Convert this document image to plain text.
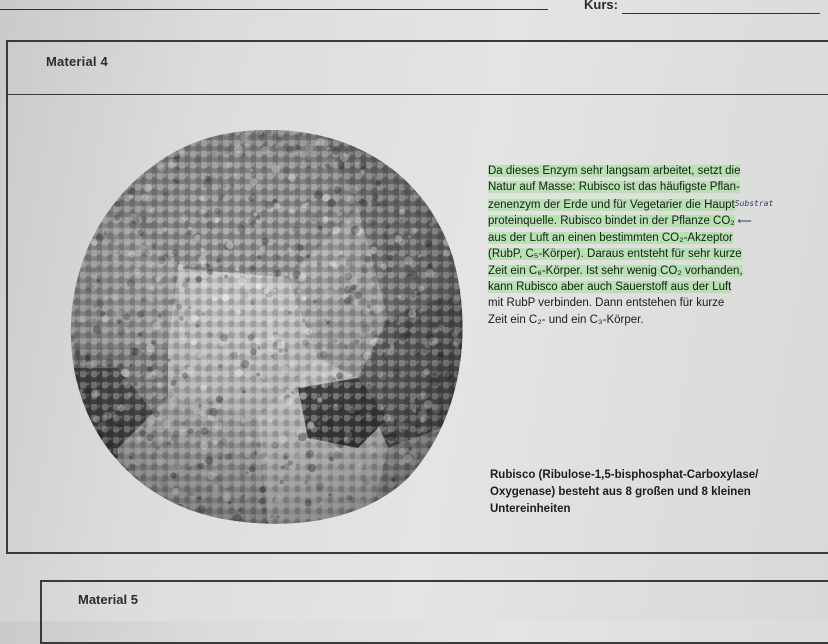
Kurs:
Material 4

Da dieses Enzym sehr langsam arbeitet, setzt die

Natur auf Masse: Rubisco ist das häufigste Pflan-

zenenzym der Erde und für Vegetarier die HauptSubstrat

proteinquelle. Rubisco bindet in der Pflanze CO₂ ⟵

aus der Luft an einen bestimmten CO₂-Akzeptor

(RubP, C₅-Körper). Daraus entsteht für sehr kurze

Zeit ein C₆-Körper. Ist sehr wenig CO₂ vorhanden,

kann Rubisco aber auch Sauerstoff aus der Luft

mit RubP verbinden. Dann entstehen für kurze

Zeit ein C₂- und ein C₃-Körper.

Rubisco (Ribulose-1,5-bisphosphat-Carboxylase/ Oxygenase) besteht aus 8 großen und 8 kleinen Untereinheiten
Material 5
